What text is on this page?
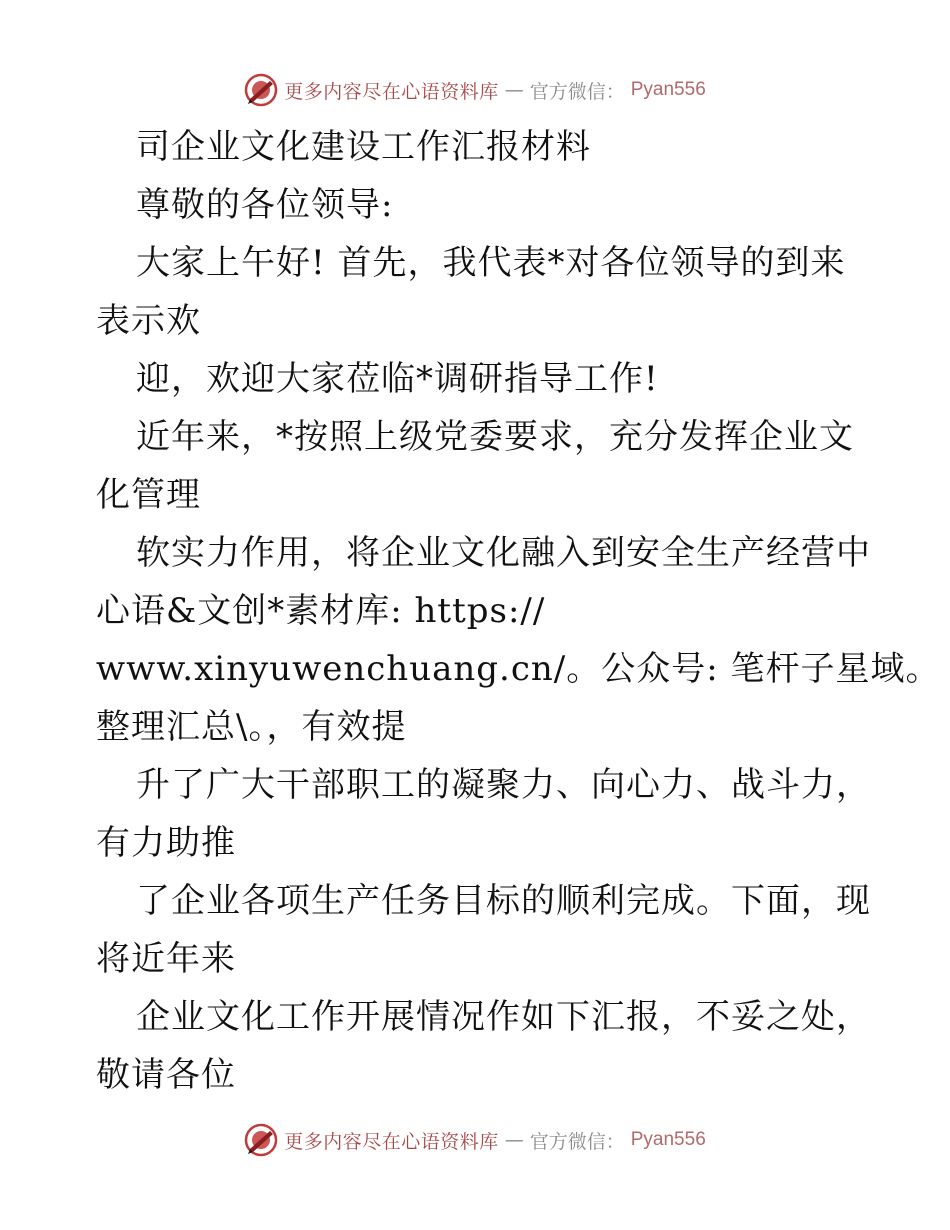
更多内容尽在心语资料库 — 官方微信： Pyan556
司企业文化建设工作汇报材料
尊敬的各位领导:
大家上午好! 首先，我代表*对各位领导的到来
表示欢
迎，欢迎大家莅临*调研指导工作!
近年来，*按照上级党委要求，充分发挥企业文
化管理
软实力作用，将企业文化融入到安全生产经营中
心语&文创*素材库: https://
www.xinyuwenchuang.cn/。公众号: 笔杆子星域。
整理汇总\。，有效提
升了广大干部职工的凝聚力、向心力、战斗力，
有力助推
了企业各项生产任务目标的顺利完成。下面，现
将近年来
企业文化工作开展情况作如下汇报，不妥之处，
敬请各位
更多内容尽在心语资料库 — 官方微信： Pyan556
